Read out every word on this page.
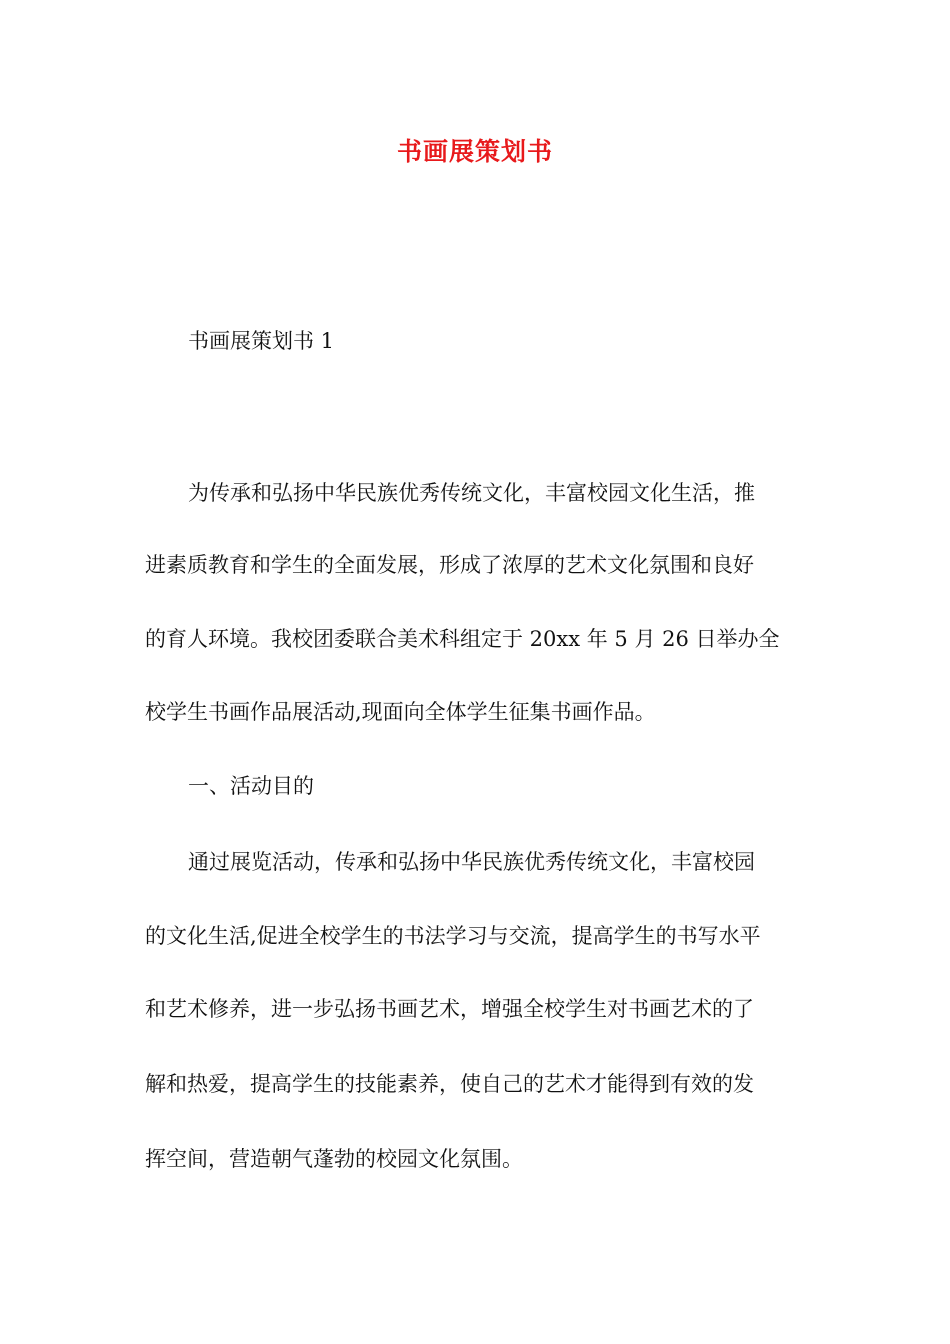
书画展策划书
书画展策划书 1
为传承和弘扬中华民族优秀传统文化，丰富校园文化生活，推
进素质教育和学生的全面发展，形成了浓厚的艺术文化氛围和良好
的育人环境。我校团委联合美术科组定于 20xx 年 5 月 26 日举办全
校学生书画作品展活动,现面向全体学生征集书画作品。
一、活动目的
通过展览活动，传承和弘扬中华民族优秀传统文化，丰富校园
的文化生活,促进全校学生的书法学习与交流，提高学生的书写水平
和艺术修养，进一步弘扬书画艺术，增强全校学生对书画艺术的了
解和热爱，提高学生的技能素养，使自己的艺术才能得到有效的发
挥空间，营造朝气蓬勃的校园文化氛围。
